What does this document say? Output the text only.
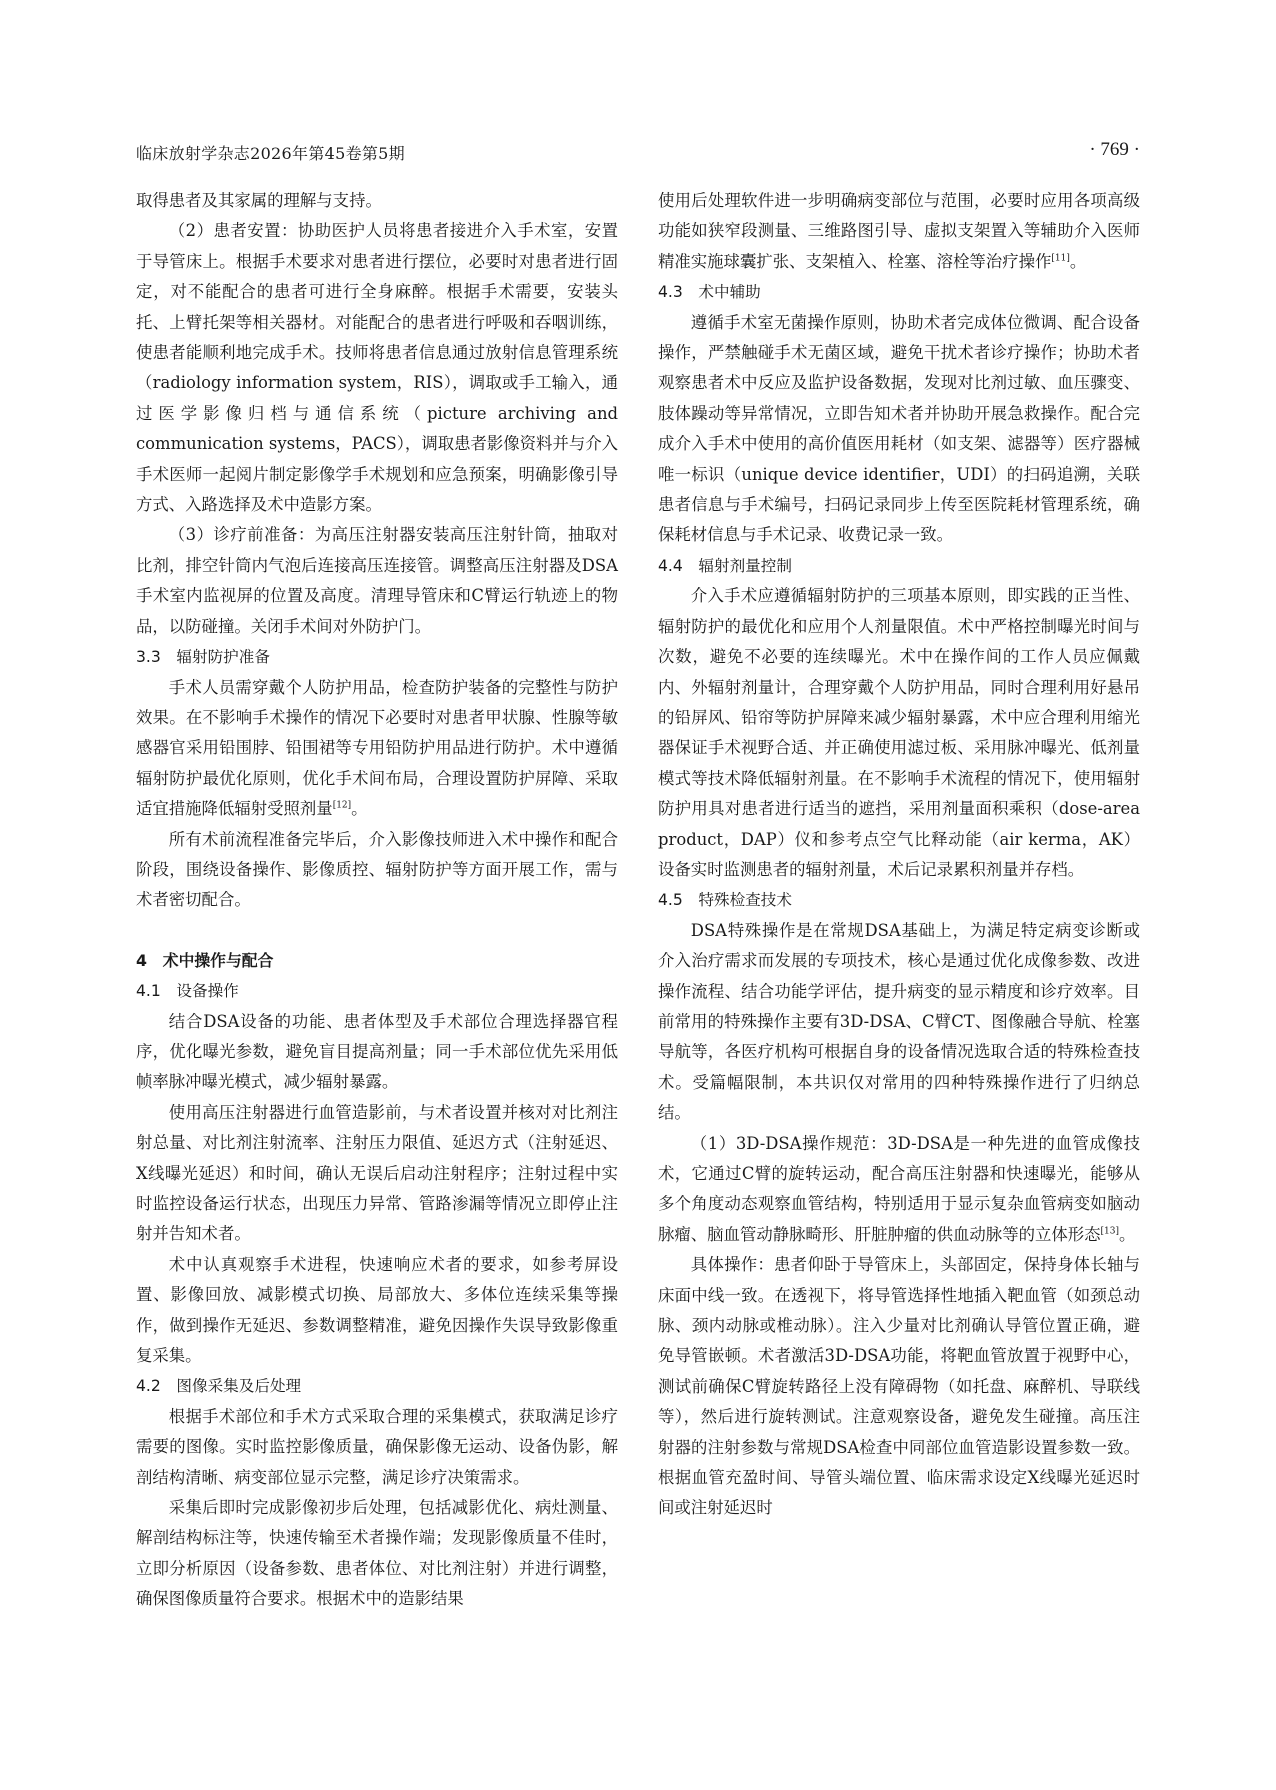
临床放射学杂志2026年第45卷第5期	· 769 ·

取得患者及其家属的理解与支持。

（2）患者安置：协助医护人员将患者接进介入手术室，安置于导管床上。根据手术要求对患者进行摆位，必要时对患者进行固定，对不能配合的患者可进行全身麻醉。根据手术需要，安装头托、上臂托架等相关器材。对能配合的患者进行呼吸和吞咽训练，使患者能顺利地完成手术。技师将患者信息通过放射信息管理系统（radiology information system，RIS），调取或手工输入，通过医学影像归档与通信系统（picture archiving and communication systems，PACS），调取患者影像资料并与介入手术医师一起阅片制定影像学手术规划和应急预案，明确影像引导方式、入路选择及术中造影方案。

（3）诊疗前准备：为高压注射器安装高压注射针筒，抽取对比剂，排空针筒内气泡后连接高压连接管。调整高压注射器及DSA手术室内监视屏的位置及高度。清理导管床和C臂运行轨迹上的物品，以防碰撞。关闭手术间对外防护门。

3.3　辐射防护准备

手术人员需穿戴个人防护用品，检查防护装备的完整性与防护效果。在不影响手术操作的情况下必要时对患者甲状腺、性腺等敏感器官采用铅围脖、铅围裙等专用铅防护用品进行防护。术中遵循辐射防护最优化原则，优化手术间布局，合理设置防护屏障、采取适宜措施降低辐射受照剂量[12]。

所有术前流程准备完毕后，介入影像技师进入术中操作和配合阶段，围绕设备操作、影像质控、辐射防护等方面开展工作，需与术者密切配合。

4　术中操作与配合
4.1　设备操作

结合DSA设备的功能、患者体型及手术部位合理选择器官程序，优化曝光参数，避免盲目提高剂量；同一手术部位优先采用低帧率脉冲曝光模式，减少辐射暴露。

使用高压注射器进行血管造影前，与术者设置并核对对比剂注射总量、对比剂注射流率、注射压力限值、延迟方式（注射延迟、X线曝光延迟）和时间，确认无误后启动注射程序；注射过程中实时监控设备运行状态，出现压力异常、管路渗漏等情况立即停止注射并告知术者。

术中认真观察手术进程，快速响应术者的要求，如参考屏设置、影像回放、减影模式切换、局部放大、多体位连续采集等操作，做到操作无延迟、参数调整精准，避免因操作失误导致影像重复采集。

4.2　图像采集及后处理

根据手术部位和手术方式采取合理的采集模式，获取满足诊疗需要的图像。实时监控影像质量，确保影像无运动、设备伪影，解剖结构清晰、病变部位显示完整，满足诊疗决策需求。

采集后即时完成影像初步后处理，包括减影优化、病灶测量、解剖结构标注等，快速传输至术者操作端；发现影像质量不佳时，立即分析原因（设备参数、患者体位、对比剂注射）并进行调整，确保图像质量符合要求。根据术中的造影结果

使用后处理软件进一步明确病变部位与范围，必要时应用各项高级功能如狭窄段测量、三维路图引导、虚拟支架置入等辅助介入医师精准实施球囊扩张、支架植入、栓塞、溶栓等治疗操作[11]。

4.3　术中辅助

遵循手术室无菌操作原则，协助术者完成体位微调、配合设备操作，严禁触碰手术无菌区域，避免干扰术者诊疗操作；协助术者观察患者术中反应及监护设备数据，发现对比剂过敏、血压骤变、肢体躁动等异常情况，立即告知术者并协助开展急救操作。配合完成介入手术中使用的高价值医用耗材（如支架、滤器等）医疗器械唯一标识（unique device identifier，UDI）的扫码追溯，关联患者信息与手术编号，扫码记录同步上传至医院耗材管理系统，确保耗材信息与手术记录、收费记录一致。

4.4　辐射剂量控制

介入手术应遵循辐射防护的三项基本原则，即实践的正当性、辐射防护的最优化和应用个人剂量限值。术中严格控制曝光时间与次数，避免不必要的连续曝光。术中在操作间的工作人员应佩戴内、外辐射剂量计，合理穿戴个人防护用品，同时合理利用好悬吊的铅屏风、铅帘等防护屏障来减少辐射暴露，术中应合理利用缩光器保证手术视野合适、并正确使用滤过板、采用脉冲曝光、低剂量模式等技术降低辐射剂量。在不影响手术流程的情况下，使用辐射防护用具对患者进行适当的遮挡，采用剂量面积乘积（dose-area product，DAP）仪和参考点空气比释动能（air kerma，AK）设备实时监测患者的辐射剂量，术后记录累积剂量并存档。

4.5　特殊检查技术

DSA特殊操作是在常规DSA基础上，为满足特定病变诊断或介入治疗需求而发展的专项技术，核心是通过优化成像参数、改进操作流程、结合功能学评估，提升病变的显示精度和诊疗效率。目前常用的特殊操作主要有3D-DSA、C臂CT、图像融合导航、栓塞导航等，各医疗机构可根据自身的设备情况选取合适的特殊检查技术。受篇幅限制，本共识仅对常用的四种特殊操作进行了归纳总结。

（1）3D-DSA操作规范：3D-DSA是一种先进的血管成像技术，它通过C臂的旋转运动，配合高压注射器和快速曝光，能够从多个角度动态观察血管结构，特别适用于显示复杂血管病变如脑动脉瘤、脑血管动静脉畸形、肝脏肿瘤的供血动脉等的立体形态[13]。

具体操作：患者仰卧于导管床上，头部固定，保持身体长轴与床面中线一致。在透视下，将导管选择性地插入靶血管（如颈总动脉、颈内动脉或椎动脉）。注入少量对比剂确认导管位置正确，避免导管嵌顿。术者激活3D-DSA功能，将靶血管放置于视野中心，测试前确保C臂旋转路径上没有障碍物（如托盘、麻醉机、导联线等），然后进行旋转测试。注意观察设备，避免发生碰撞。高压注射器的注射参数与常规DSA检查中同部位血管造影设置参数一致。根据血管充盈时间、导管头端位置、临床需求设定X线曝光延迟时间或注射延迟时
